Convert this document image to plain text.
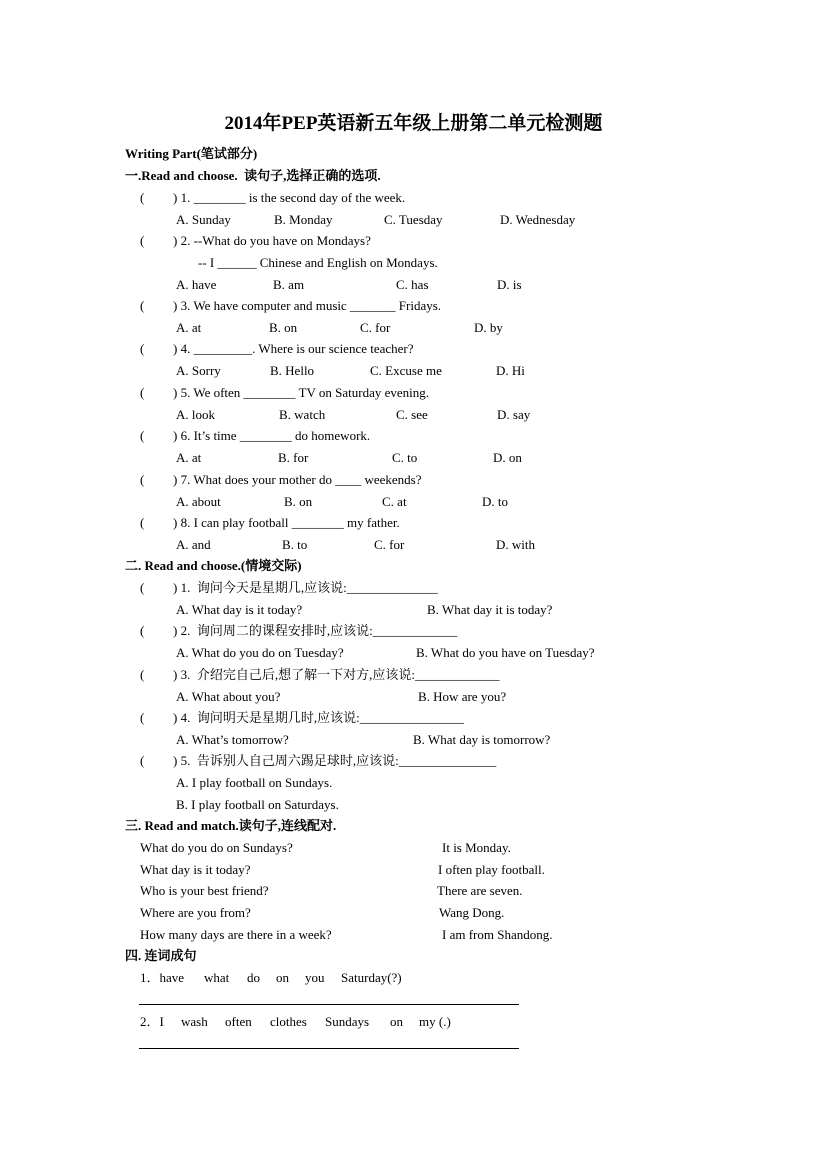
2014年PEP英语新五年级上册第二单元检测题
Writing Part(笔试部分)
一.Read and choose.  读句子,选择正确的选项.
二. Read and choose.(情境交际)
三. Read and match.读句子,连线配对.
四. 连词成句
( ) 1. ________ is the second day of the week.
A. Sunday	B. Monday	C. Tuesday	D. Wednesday
( ) 2. --What do you have on Mondays?
-- I ______ Chinese and English on Mondays.
A. have	B. am	C. has	D. is
( ) 3. We have computer and music _______ Fridays.
A. at	B. on	C. for	D. by
( ) 4. _________. Where is our science teacher?
A. Sorry	B. Hello	C. Excuse me	D. Hi
( ) 5. We often ________ TV on Saturday evening.
A. look	B. watch	C. see	D. say
( ) 6. It’s time ________ do homework.
A. at	B. for	C. to	D. on
( ) 7. What does your mother do ____ weekends?
A. about	B. on	C. at	D. to
( ) 8. I can play football ________ my father.
A. and	B. to	C. for	D. with
( ) 1.  询问今天是星期几,应该说:______________
A. What day is it today?	B. What day it is today?
( ) 2.  询问周二的课程安排时,应该说:_____________
A. What do you do on Tuesday?	B. What do you have on Tuesday?
( ) 3.  介绍完自己后,想了解一下对方,应该说:_____________
A. What about you?	B. How are you?
( ) 4.  询问明天是星期几时,应该说:________________
A. What’s tomorrow?	B. What day is tomorrow?
( ) 5.  告诉别人自己周六踢足球时,应该说:_______________
A. I play football on Sundays.
B. I play football on Saturdays.
What do you do on Sundays?	It is Monday.
What day is it today?	I often play football.
Who is your best friend?	There are seven.
Where are you from?	Wang Dong.
How many days are there in a week?	I am from Shandong.
1．have what do on you Saturday(?)
2．I wash often clothes Sundays on my (.)
